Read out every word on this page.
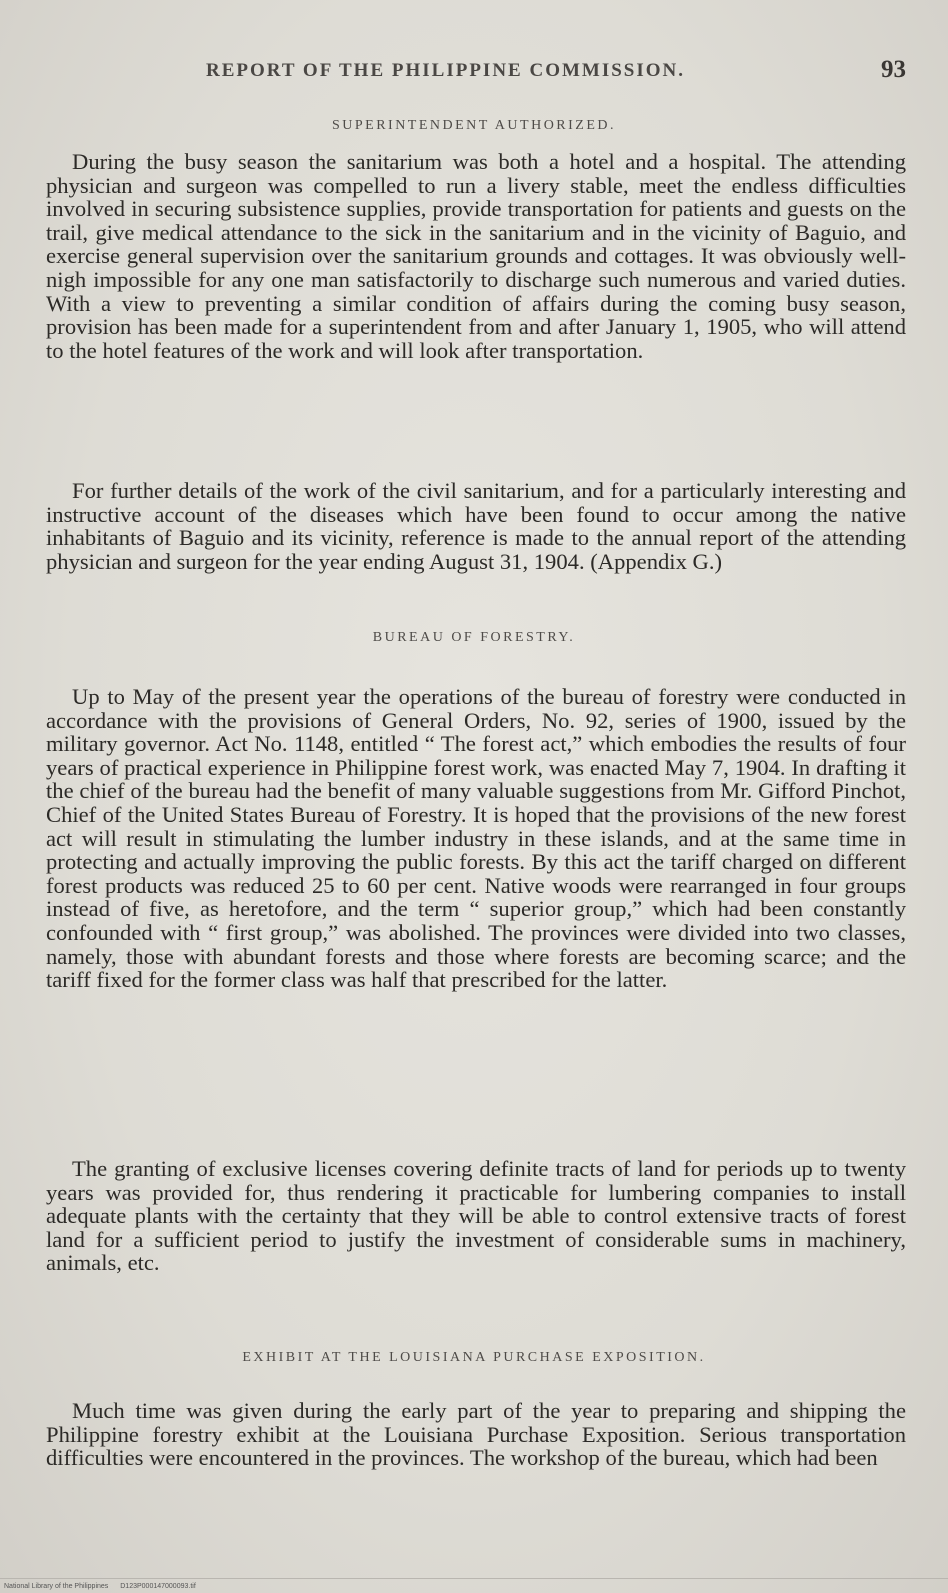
REPORT OF THE PHILIPPINE COMMISSION.	93
SUPERINTENDENT AUTHORIZED.

During the busy season the sanitarium was both a hotel and a hospital. The attending physician and surgeon was compelled to run a livery stable, meet the endless difficulties involved in securing subsistence supplies, provide transportation for patients and guests on the trail, give medical attendance to the sick in the sanitarium and in the vicinity of Baguio, and exercise general supervision over the sanitarium grounds and cottages. It was obviously well-nigh impossible for any one man satisfactorily to discharge such numerous and varied duties. With a view to preventing a similar condition of affairs during the coming busy season, provision has been made for a superintendent from and after January 1, 1905, who will attend to the hotel features of the work and will look after transportation.

For further details of the work of the civil sanitarium, and for a particularly interesting and instructive account of the diseases which have been found to occur among the native inhabitants of Baguio and its vicinity, reference is made to the annual report of the attending physician and surgeon for the year ending August 31, 1904. (Appendix G.)

BUREAU OF FORESTRY.

Up to May of the present year the operations of the bureau of forestry were conducted in accordance with the provisions of General Orders, No. 92, series of 1900, issued by the military governor. Act No. 1148, entitled “ The forest act,” which embodies the results of four years of practical experience in Philippine forest work, was enacted May 7, 1904. In drafting it the chief of the bureau had the benefit of many valuable suggestions from Mr. Gifford Pinchot, Chief of the United States Bureau of Forestry. It is hoped that the provisions of the new forest act will result in stimulating the lumber industry in these islands, and at the same time in protecting and actually improving the public forests. By this act the tariff charged on different forest products was reduced 25 to 60 per cent. Native woods were rearranged in four groups instead of five, as heretofore, and the term “ superior group,” which had been constantly confounded with “ first group,” was abolished. The provinces were divided into two classes, namely, those with abundant forests and those where forests are becoming scarce; and the tariff fixed for the former class was half that prescribed for the latter.

The granting of exclusive licenses covering definite tracts of land for periods up to twenty years was provided for, thus rendering it practicable for lumbering companies to install adequate plants with the certainty that they will be able to control extensive tracts of forest land for a sufficient period to justify the investment of considerable sums in machinery, animals, etc.

EXHIBIT AT THE LOUISIANA PURCHASE EXPOSITION.

Much time was given during the early part of the year to preparing and shipping the Philippine forestry exhibit at the Louisiana Purchase Exposition. Serious transportation difficulties were encountered in the provinces. The workshop of the bureau, which had been

National Library of the Philippines D123P000147000093.tif
